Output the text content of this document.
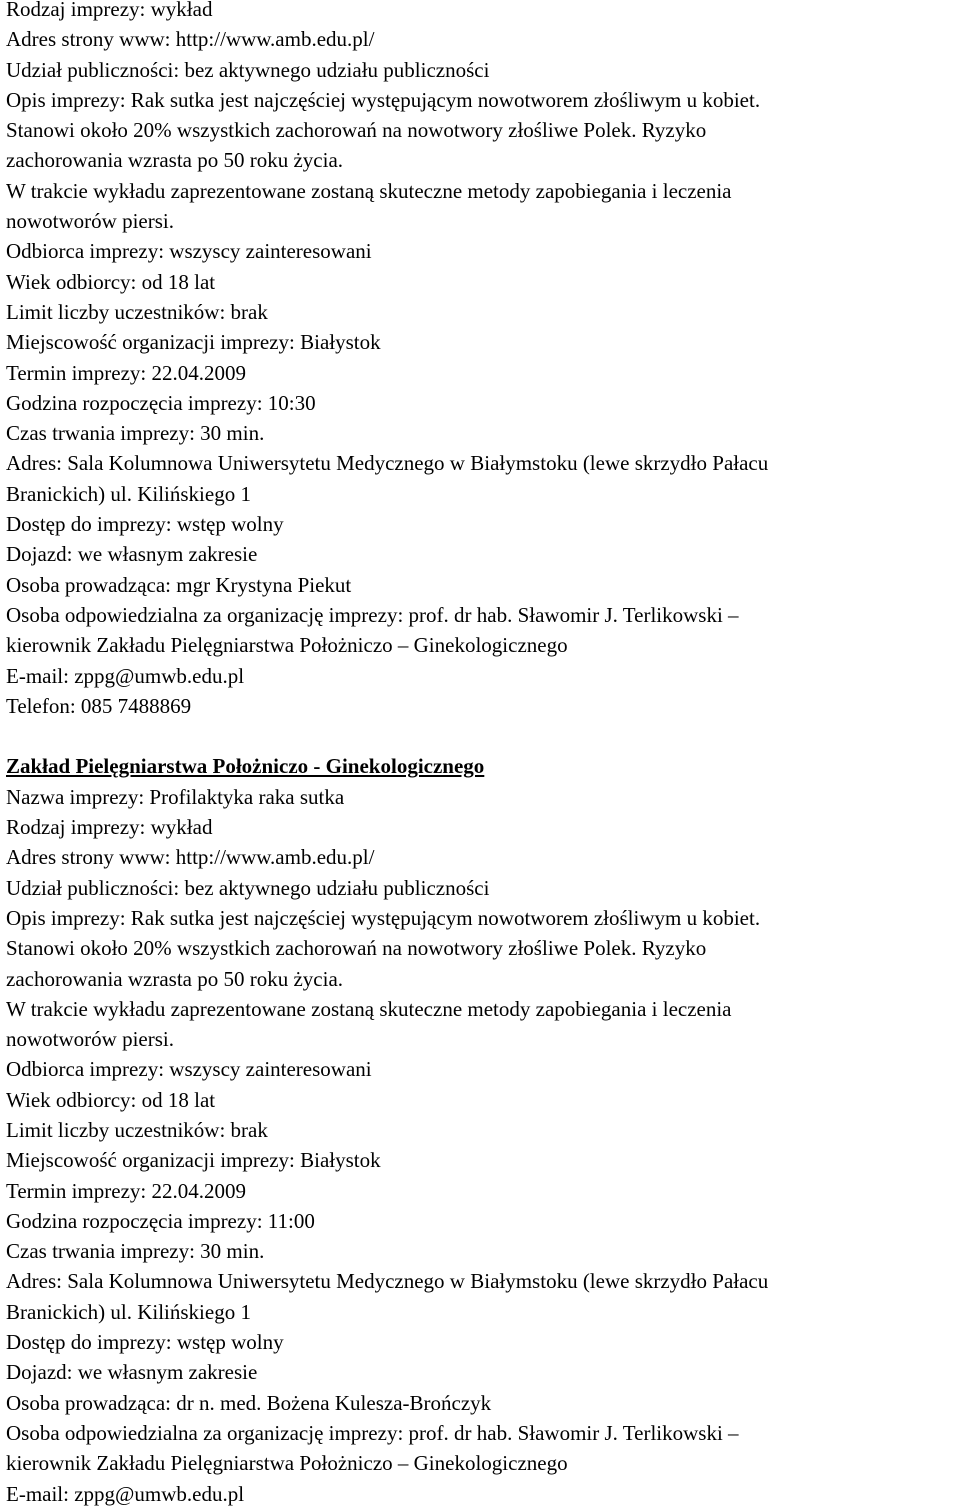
Rodzaj imprezy: wykład
Adres strony www: http://www.amb.edu.pl/
Udział publiczności: bez aktywnego udziału publiczności
Opis imprezy: Rak sutka jest najczęściej występującym nowotworem złośliwym u kobiet.
Stanowi około 20% wszystkich zachorowań na nowotwory złośliwe Polek. Ryzyko
zachorowania wzrasta po 50 roku życia.
W trakcie wykładu zaprezentowane zostaną skuteczne metody zapobiegania i leczenia
nowotworów piersi.
Odbiorca imprezy: wszyscy zainteresowani
Wiek odbiorcy: od 18 lat
Limit liczby uczestników: brak
Miejscowość organizacji imprezy: Białystok
Termin imprezy: 22.04.2009
Godzina rozpoczęcia imprezy: 10:30
Czas trwania imprezy: 30 min.
Adres: Sala Kolumnowa Uniwersytetu Medycznego w Białymstoku (lewe skrzydło Pałacu
Branickich) ul. Kilińskiego 1
Dostęp do imprezy: wstęp wolny
Dojazd: we własnym zakresie
Osoba prowadząca: mgr Krystyna Piekut
Osoba odpowiedzialna za organizację imprezy: prof. dr hab. Sławomir J. Terlikowski –
kierownik Zakładu Pielęgniarstwa Położniczo – Ginekologicznego
E-mail: zppg@umwb.edu.pl
Telefon: 085 7488869
Zakład Pielęgniarstwa Położniczo - Ginekologicznego
Nazwa imprezy: Profilaktyka raka sutka
Rodzaj imprezy: wykład
Adres strony www: http://www.amb.edu.pl/
Udział publiczności: bez aktywnego udziału publiczności
Opis imprezy: Rak sutka jest najczęściej występującym nowotworem złośliwym u kobiet.
Stanowi około 20% wszystkich zachorowań na nowotwory złośliwe Polek. Ryzyko
zachorowania wzrasta po 50 roku życia.
W trakcie wykładu zaprezentowane zostaną skuteczne metody zapobiegania i leczenia
nowotworów piersi.
Odbiorca imprezy: wszyscy zainteresowani
Wiek odbiorcy: od 18 lat
Limit liczby uczestników: brak
Miejscowość organizacji imprezy: Białystok
Termin imprezy: 22.04.2009
Godzina rozpoczęcia imprezy: 11:00
Czas trwania imprezy: 30 min.
Adres: Sala Kolumnowa Uniwersytetu Medycznego w Białymstoku (lewe skrzydło Pałacu
Branickich) ul. Kilińskiego 1
Dostęp do imprezy: wstęp wolny
Dojazd: we własnym zakresie
Osoba prowadząca: dr n. med. Bożena Kulesza-Brończyk
Osoba odpowiedzialna za organizację imprezy: prof. dr hab. Sławomir J. Terlikowski –
kierownik Zakładu Pielęgniarstwa Położniczo – Ginekologicznego
E-mail: zppg@umwb.edu.pl
